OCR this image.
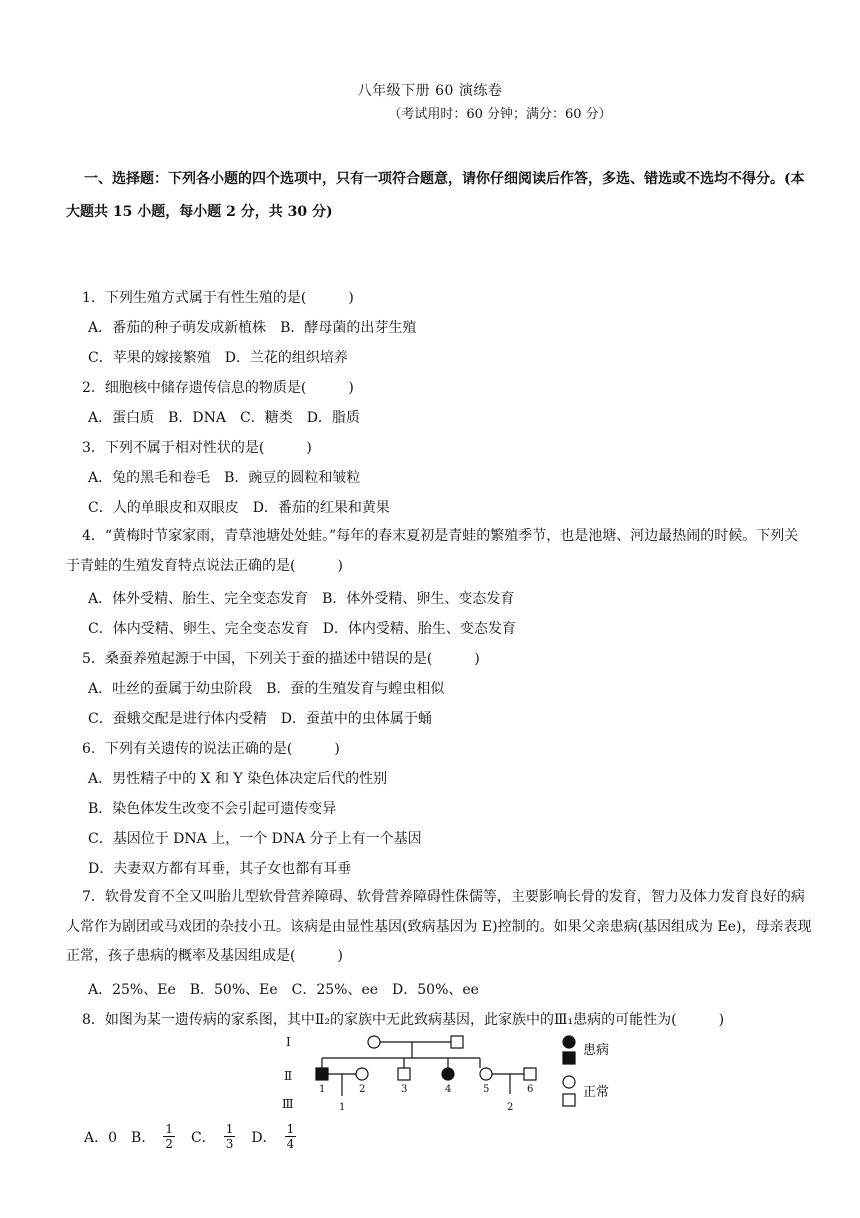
八年级下册 60 演练卷
（考试用时：60 分钟；满分：60 分）
一、选择题：下列各小题的四个选项中，只有一项符合题意，请你仔细阅读后作答，多选、错选或不选均不得分。(本大题共 15 小题，每小题 2 分，共 30 分)
1．下列生殖方式属于有性生殖的是(　　　)
A．番茄的种子萌发成新植株　B．酵母菌的出芽生殖
C．苹果的嫁接繁殖　D．兰花的组织培养
2．细胞核中储存遗传信息的物质是(　　　)
A．蛋白质　B．DNA　C．糖类　D．脂质
3．下列不属于相对性状的是(　　　)
A．兔的黑毛和卷毛　B．豌豆的圆粒和皱粒
C．人的单眼皮和双眼皮　D．番茄的红果和黄果
4．“黄梅时节家家雨，青草池塘处处蛙。”每年的春末夏初是青蛙的繁殖季节，也是池塘、河边最热闹的时候。下列关于青蛙的生殖发育特点说法正确的是(　　　)
A．体外受精、胎生、完全变态发育　B．体外受精、卵生、变态发育
C．体内受精、卵生、完全变态发育　D．体内受精、胎生、变态发育
5．桑蚕养殖起源于中国，下列关于蚕的描述中错误的是(　　　)
A．吐丝的蚕属于幼虫阶段　B．蚕的生殖发育与蝗虫相似
C．蚕蛾交配是进行体内受精　D．蚕茧中的虫体属于蛹
6．下列有关遗传的说法正确的是(　　　)
A．男性精子中的 X 和 Y 染色体决定后代的性别
B．染色体发生改变不会引起可遗传变异
C．基因位于 DNA 上，一个 DNA 分子上有一个基因
D．夫妻双方都有耳垂，其子女也都有耳垂
7．软骨发育不全又叫胎儿型软骨营养障碍、软骨营养障碍性侏儒等，主要影响长骨的发育，智力及体力发育良好的病人常作为剧团或马戏团的杂技小丑。该病是由显性基因(致病基因为 E)控制的。如果父亲患病(基因组成为 Ee)，母亲表现正常，孩子患病的概率及基因组成是(　　　)
A．25%、Ee　B．50%、Ee　C．25%、ee　D．50%、ee
8．如图为某一遗传病的家系图，其中Ⅱ₂的家族中无此致病基因，此家族中的Ⅲ₁患病的可能性为(　　　)
Ⅰ
Ⅱ
Ⅲ
1	2	3	4	5	6
1	2
患病
正常
A．0 B． $\frac{1}{2}$ C． $\frac{1}{3}$ D． $\frac{1}{4}$
